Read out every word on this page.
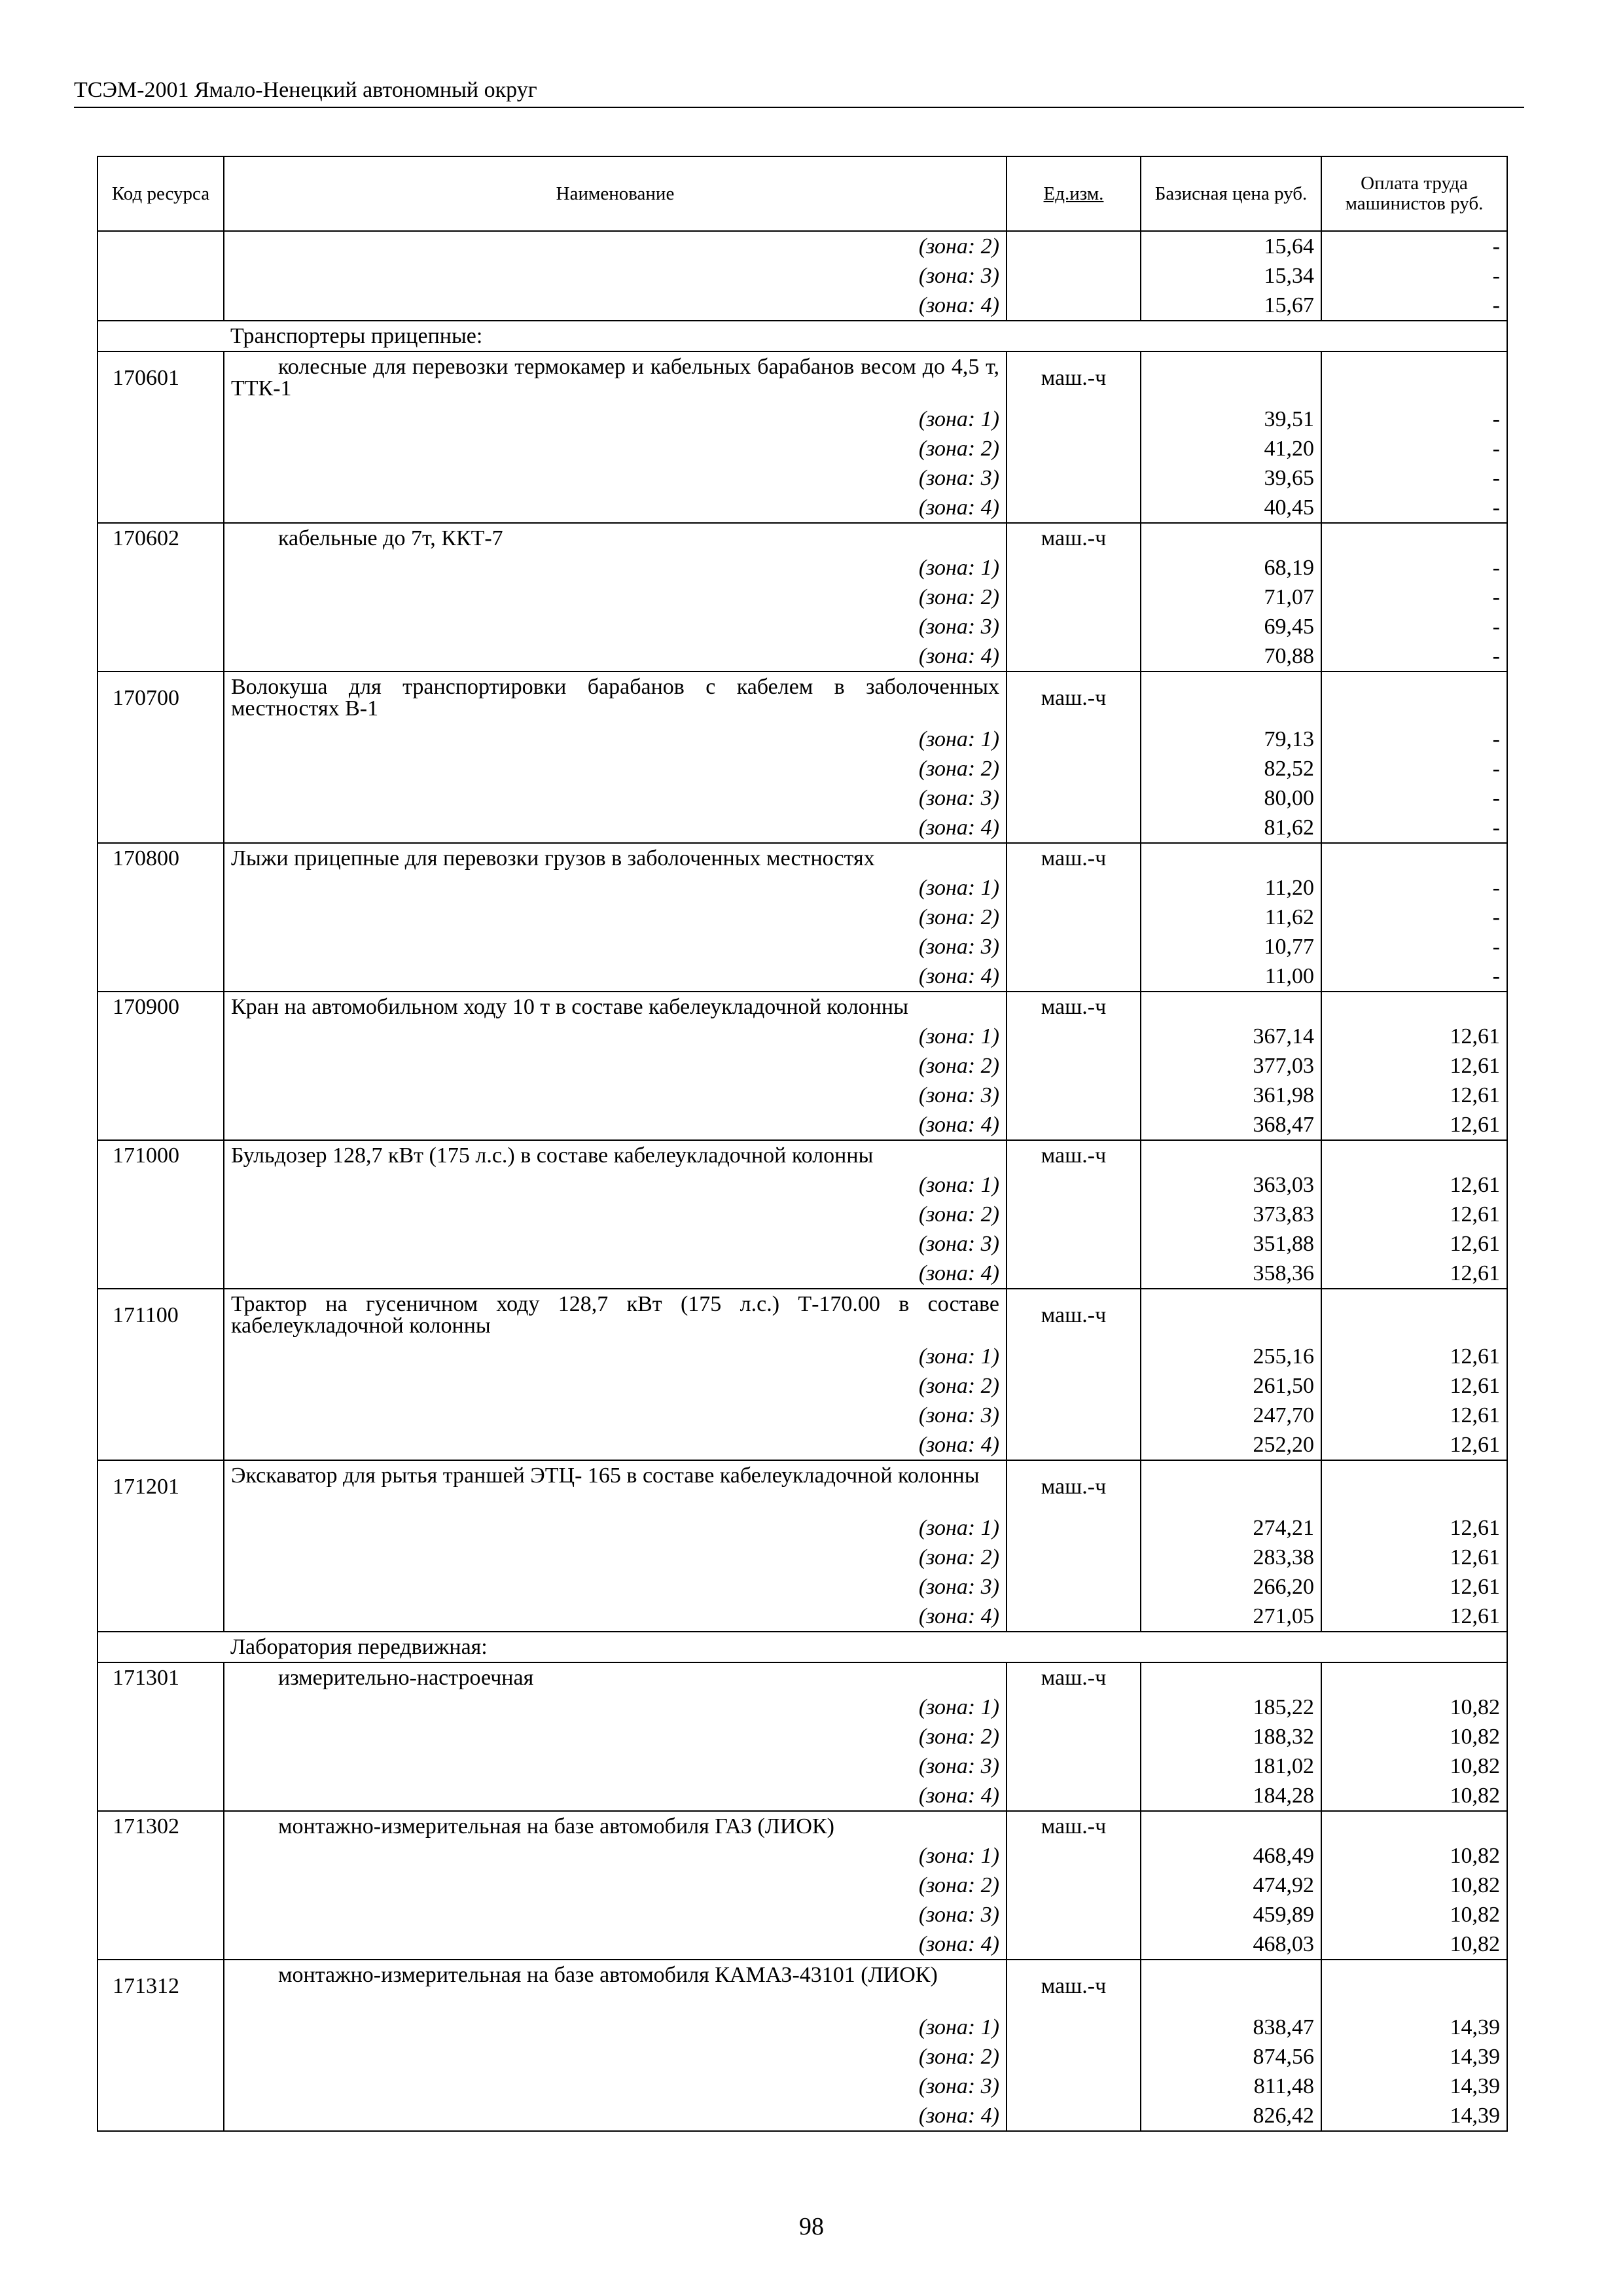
ТСЭМ-2001 Ямало-Ненецкий автономный округ
Код ресурса	Наименование	Ед.изм.	Базисная цена руб.	Оплата труда машинистов руб.
	(зона: 2)		15,64	-
	(зона: 3)		15,34	-
	(зона: 4)		15,67	-
	Транспортеры прицепные:			
170601	колесные для перевозки термокамер и кабельных барабанов весом до 4,5 т, ТТК-1	маш.-ч		
	(зона: 1)		39,51	-
	(зона: 2)		41,20	-
	(зона: 3)		39,65	-
	(зона: 4)		40,45	-
170602	кабельные до 7т, ККТ-7	маш.-ч		
	(зона: 1)		68,19	-
	(зона: 2)		71,07	-
	(зона: 3)		69,45	-
	(зона: 4)		70,88	-
170700	Волокуша для транспортировки барабанов с кабелем в заболоченных местностях В-1	маш.-ч		
	(зона: 1)		79,13	-
	(зона: 2)		82,52	-
	(зона: 3)		80,00	-
	(зона: 4)		81,62	-
170800	Лыжи прицепные для перевозки грузов в заболоченных местностях	маш.-ч		
	(зона: 1)		11,20	-
	(зона: 2)		11,62	-
	(зона: 3)		10,77	-
	(зона: 4)		11,00	-
170900	Кран на автомобильном ходу 10 т в составе кабелеукладочной колонны	маш.-ч		
	(зона: 1)		367,14	12,61
	(зона: 2)		377,03	12,61
	(зона: 3)		361,98	12,61
	(зона: 4)		368,47	12,61
171000	Бульдозер 128,7 кВт (175 л.с.) в составе кабелеукладочной колонны	маш.-ч		
	(зона: 1)		363,03	12,61
	(зона: 2)		373,83	12,61
	(зона: 3)		351,88	12,61
	(зона: 4)		358,36	12,61
171100	Трактор на гусеничном ходу 128,7 кВт (175 л.с.) Т-170.00 в составе кабелеукладочной колонны	маш.-ч		
	(зона: 1)		255,16	12,61
	(зона: 2)		261,50	12,61
	(зона: 3)		247,70	12,61
	(зона: 4)		252,20	12,61
171201	Экскаватор для рытья траншей ЭТЦ- 165 в составе кабелеукладочной колонны	маш.-ч		
	(зона: 1)		274,21	12,61
	(зона: 2)		283,38	12,61
	(зона: 3)		266,20	12,61
	(зона: 4)		271,05	12,61
	Лаборатория передвижная:			
171301	измерительно-настроечная	маш.-ч		
	(зона: 1)		185,22	10,82
	(зона: 2)		188,32	10,82
	(зона: 3)		181,02	10,82
	(зона: 4)		184,28	10,82
171302	монтажно-измерительная на базе автомобиля ГАЗ (ЛИОК)	маш.-ч		
	(зона: 1)		468,49	10,82
	(зона: 2)		474,92	10,82
	(зона: 3)		459,89	10,82
	(зона: 4)		468,03	10,82
171312	монтажно-измерительная на базе автомобиля КАМАЗ-43101 (ЛИОК)	маш.-ч		
	(зона: 1)		838,47	14,39
	(зона: 2)		874,56	14,39
	(зона: 3)		811,48	14,39
	(зона: 4)		826,42	14,39
98
